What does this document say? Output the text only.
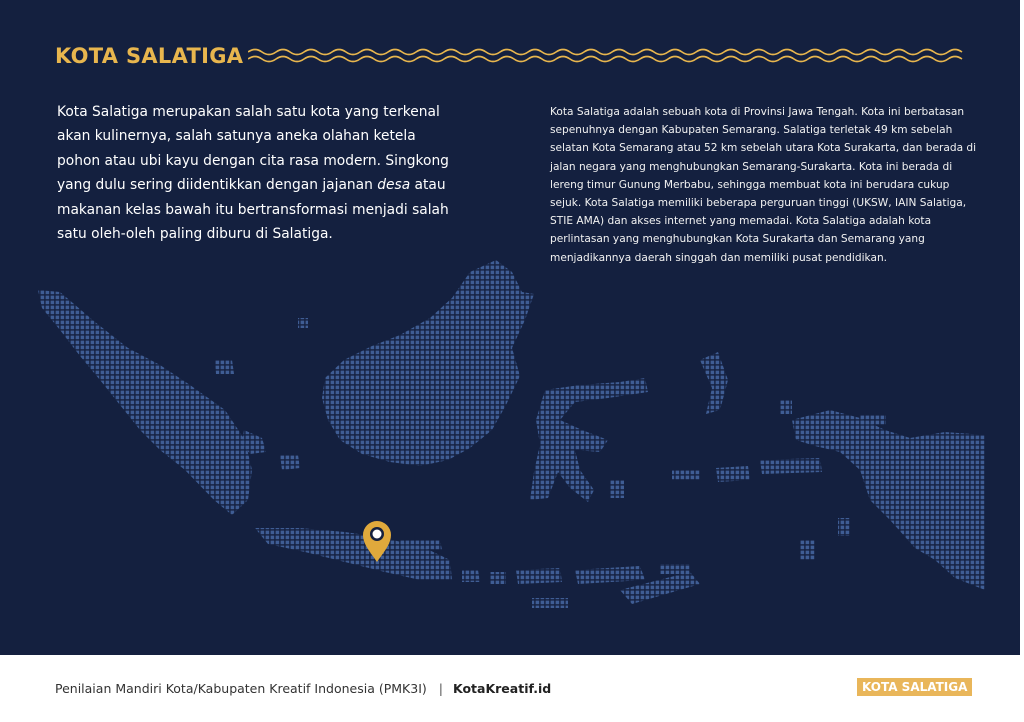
KOTA SALATIGA
Kota Salatiga merupakan salah satu kota yang terkenal akan kulinernya, salah satunya aneka olahan ketela pohon atau ubi kayu dengan cita rasa modern. Singkong yang dulu sering diidentikkan dengan jajanan desa atau makanan kelas bawah itu bertransformasi menjadi salah satu oleh-oleh paling diburu di Salatiga.
Kota Salatiga adalah sebuah kota di Provinsi Jawa Tengah. Kota ini berbatasan sepenuhnya dengan Kabupaten Semarang. Salatiga terletak 49 km sebelah selatan Kota Semarang atau 52 km sebelah utara Kota Surakarta, dan berada di jalan negara yang menghubungkan Semarang-Surakarta. Kota ini berada di lereng timur Gunung Merbabu, sehingga membuat kota ini berudara cukup sejuk. Kota Salatiga memiliki beberapa perguruan tinggi (UKSW, IAIN Salatiga, STIE AMA) dan akses internet yang memadai. Kota Salatiga adalah kota perlintasan yang menghubungkan Kota Surakarta dan Semarang yang menjadikannya daerah singgah dan memiliki pusat pendidikan.
Penilaian Mandiri Kota/Kabupaten Kreatif Indonesia (PMK3I) | KotaKreatif.id	KOTA SALATIGA
